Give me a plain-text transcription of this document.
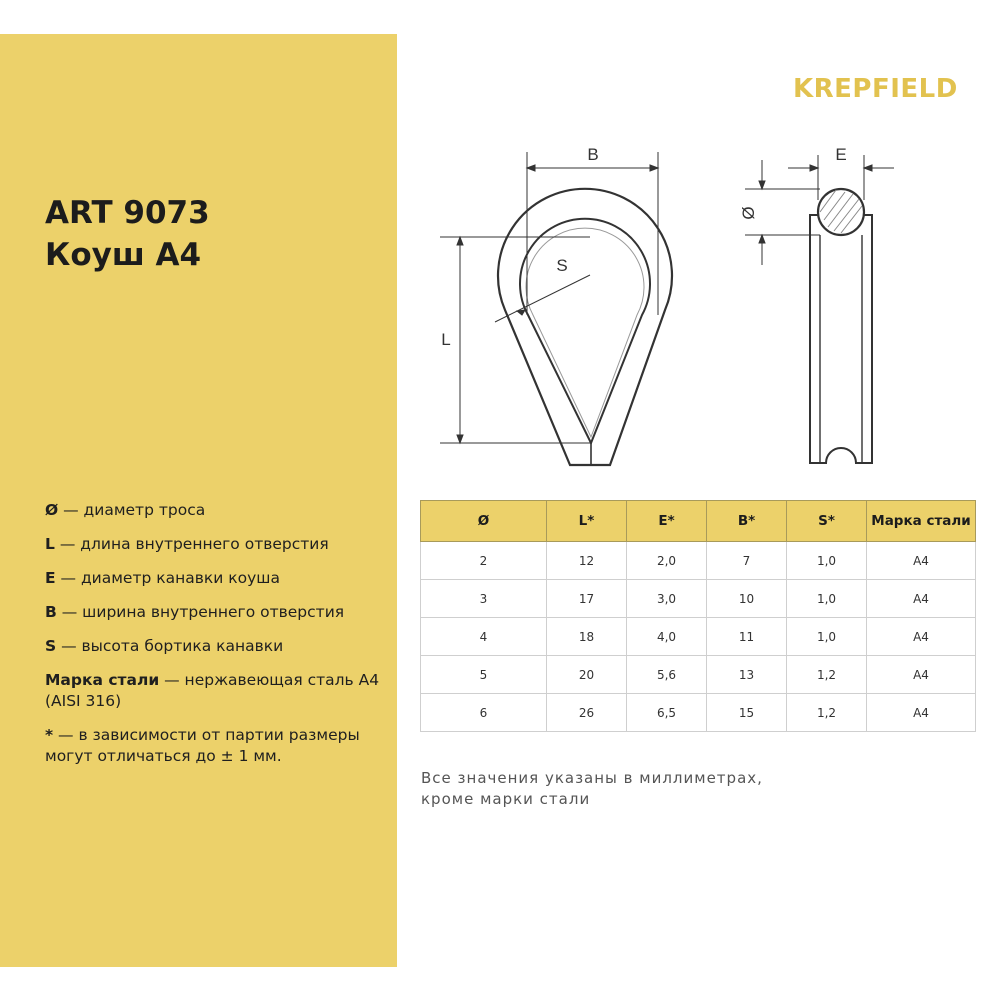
ART 9073
Коуш А4
Ø — диаметр троса
L — длина внутреннего отверстия
E — диаметр канавки коуша
B — ширина внутреннего отверстия
S — высота бортика канавки
Марка стали — нержавеющая сталь А4 (AISI 316)
* — в зависимости от партии размеры могут отличаться до ± 1 мм.
KREPFIELD
B
L
S
E
Ø
Ø	L*	E*	B*	S*	Марка стали
2	12	2,0	7	1,0	А4
3	17	3,0	10	1,0	А4
4	18	4,0	11	1,0	А4
5	20	5,6	13	1,2	А4
6	26	6,5	15	1,2	А4
Все значения указаны в миллиметрах,
кроме марки стали
